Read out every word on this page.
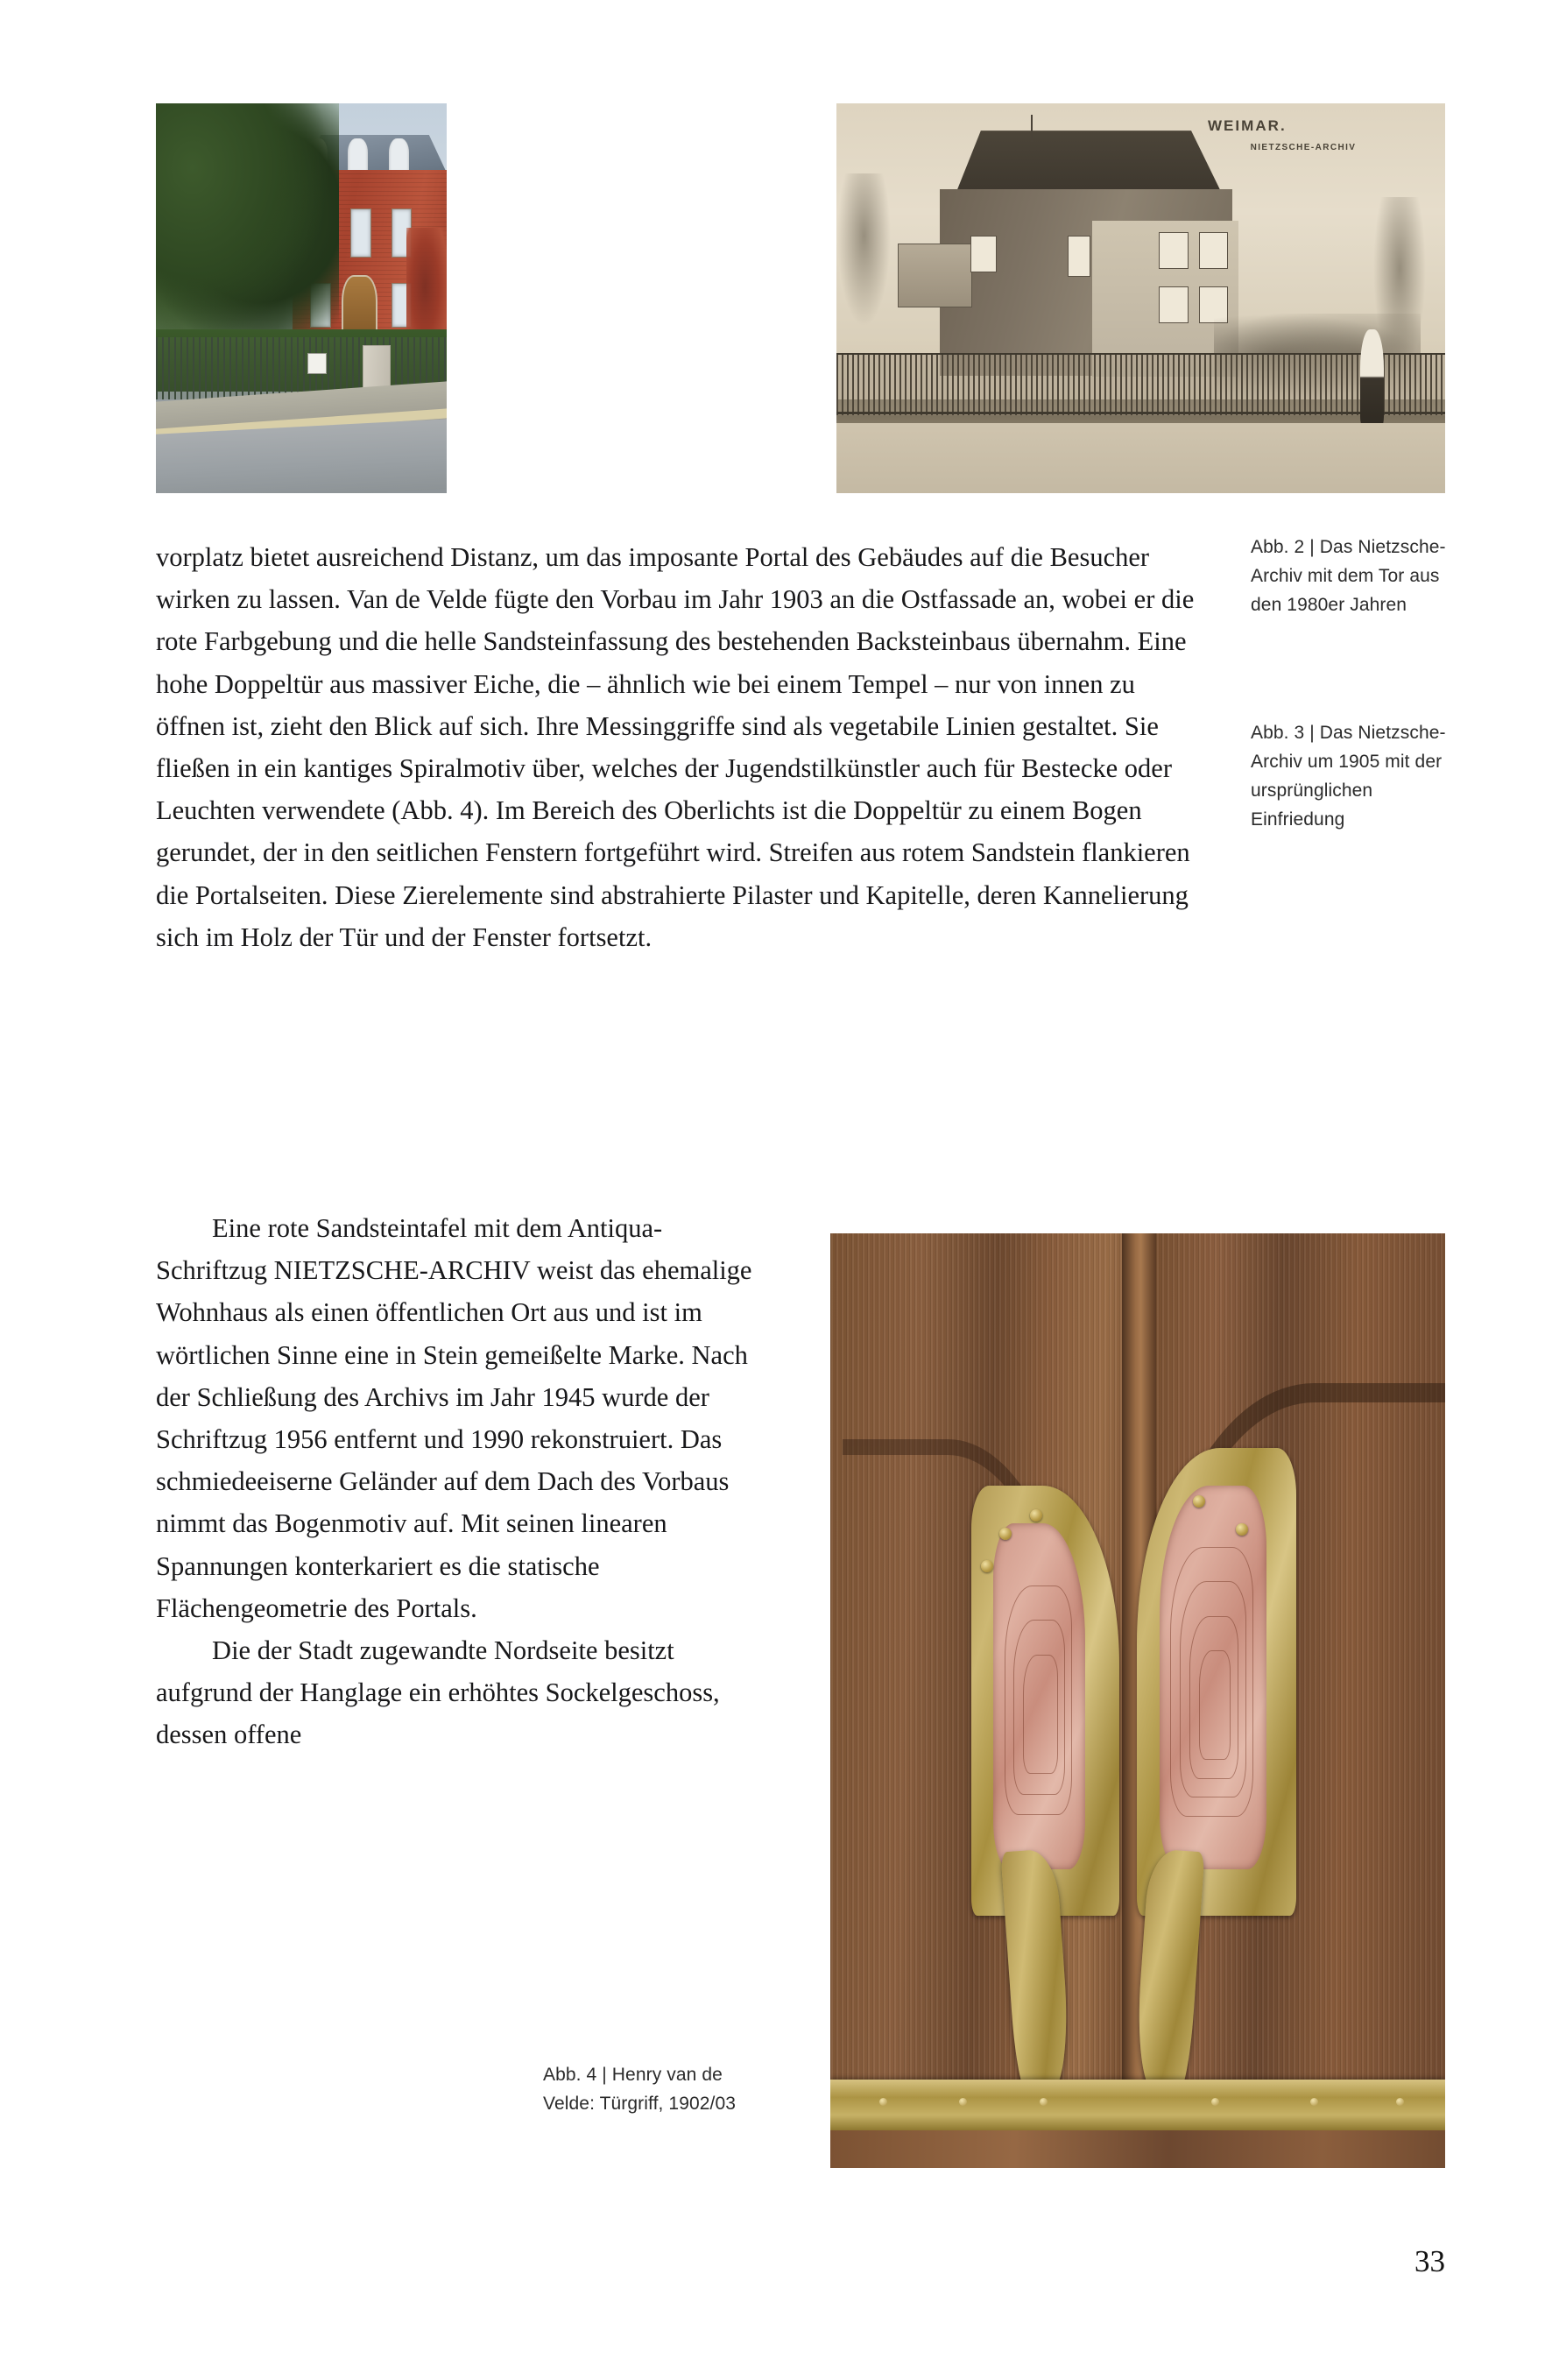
WEIMAR.
NIETZSCHE-ARCHIV

vorplatz bietet ausreichend Distanz, um das imposante Portal des Gebäudes auf die Besucher wirken zu lassen. Van de Velde fügte den Vorbau im Jahr 1903 an die Ostfassade an, wobei er die rote Farbgebung und die helle Sandsteinfassung des bestehenden Backsteinbaus übernahm. Eine hohe Doppeltür aus massiver Eiche, die – ähnlich wie bei einem Tempel – nur von innen zu öffnen ist, zieht den Blick auf sich. Ihre Messinggriffe sind als vegetabile Linien gestaltet. Sie fließen in ein kantiges Spiralmotiv über, welches der Jugendstilkünstler auch für Bestecke oder Leuchten verwendete (Abb. 4). Im Bereich des Oberlichts ist die Doppeltür zu einem Bogen gerundet, der in den seitlichen Fenstern fortgeführt wird. Streifen aus rotem Sandstein flankieren die Portalseiten. Diese Zierelemente sind abstrahierte Pilaster und Kapitelle, deren Kannelierung sich im Holz der Tür und der Fenster fortsetzt.

Eine rote Sandsteintafel mit dem Antiqua-Schriftzug NIETZSCHE-ARCHIV weist das ehemalige Wohnhaus als einen öffentlichen Ort aus und ist im wörtlichen Sinne eine in Stein gemeißelte Marke. Nach der Schließung des Archivs im Jahr 1945 wurde der Schriftzug 1956 entfernt und 1990 rekonstruiert. Das schmiedeeiserne Geländer auf dem Dach des Vorbaus nimmt das Bogenmotiv auf. Mit seinen linearen Spannungen konterkariert es die statische Flächengeometrie des Portals.

Die der Stadt zugewandte Nordseite besitzt aufgrund der Hanglage ein erhöhtes Sockelgeschoss, dessen offene

Abb. 2 | Das Nietzsche-Archiv mit dem Tor aus den 1980er Jahren

Abb. 3 | Das Nietzsche-Archiv um 1905 mit der ursprünglichen Einfriedung

Abb. 4 | Henry van de Velde: Türgriff, 1902/03

33
